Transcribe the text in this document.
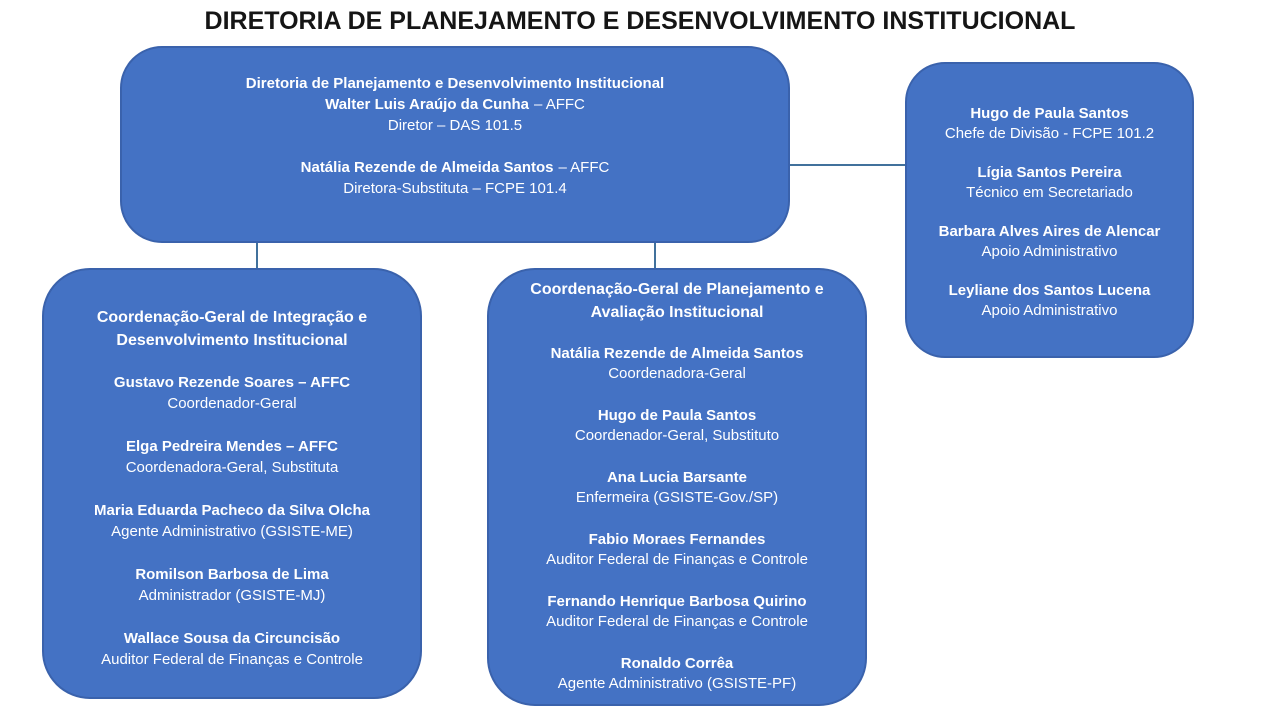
DIRETORIA DE PLANEJAMENTO E DESENVOLVIMENTO INSTITUCIONAL
Diretoria de Planejamento e Desenvolvimento Institucional
Walter Luis Araújo da Cunha – AFFC
Diretor – DAS 101.5
Natália Rezende de Almeida Santos – AFFC
Diretora-Substituta – FCPE 101.4
Hugo de Paula Santos
Chefe de Divisão - FCPE 101.2
Lígia Santos Pereira
Técnico em Secretariado
Barbara Alves Aires de Alencar
Apoio Administrativo
Leyliane dos Santos Lucena
Apoio Administrativo
Coordenação-Geral de Integração e Desenvolvimento Institucional
Gustavo Rezende Soares – AFFC
Coordenador-Geral
Elga Pedreira Mendes – AFFC
Coordenadora-Geral, Substituta
Maria Eduarda Pacheco da Silva Olcha
Agente Administrativo (GSISTE-ME)
Romilson Barbosa de Lima
Administrador (GSISTE-MJ)
Wallace Sousa da Circuncisão
Auditor Federal de Finanças e Controle
Coordenação-Geral de Planejamento e Avaliação Institucional
Natália Rezende de Almeida Santos
Coordenadora-Geral
Hugo de Paula Santos
Coordenador-Geral, Substituto
Ana Lucia Barsante
Enfermeira (GSISTE-Gov./SP)
Fabio Moraes Fernandes
Auditor Federal de Finanças e Controle
Fernando Henrique Barbosa Quirino
Auditor Federal de Finanças e Controle
Ronaldo Corrêa
Agente Administrativo (GSISTE-PF)
